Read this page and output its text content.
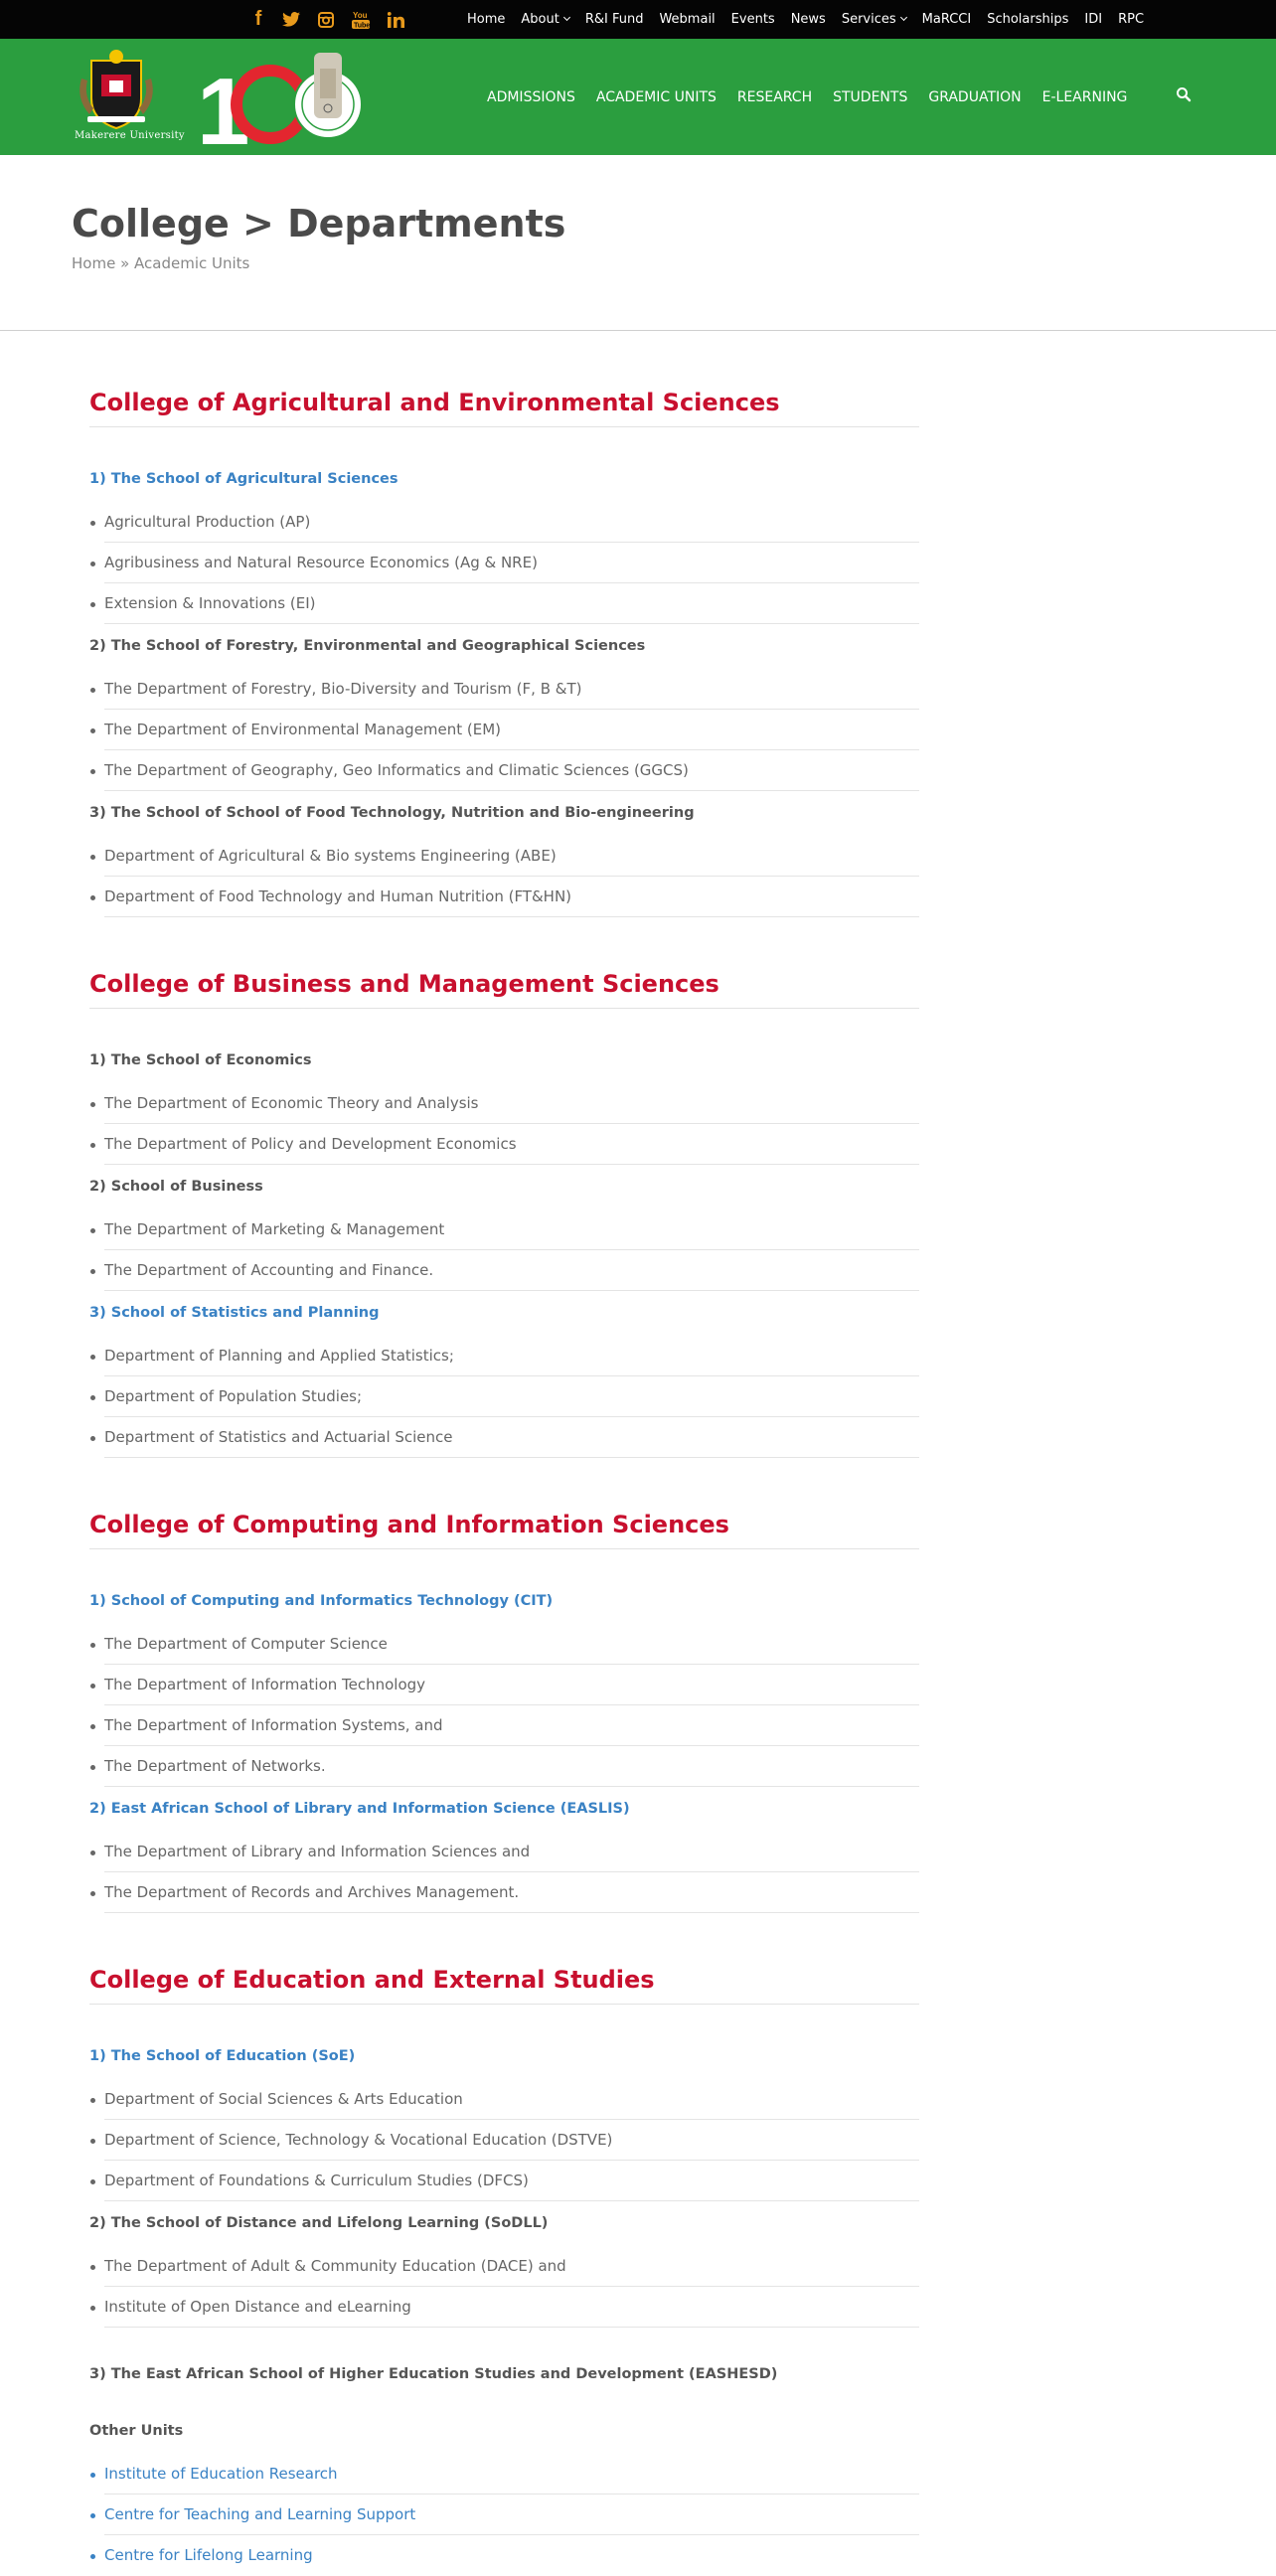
f	You
Tube	Home About	R&I Fund Webmail Events News Services	MaRCCI Scholarships IDI RPC
1
Makerere University
ADMISSIONS ACADEMIC UNITS RESEARCH STUDENTS GRADUATION E-LEARNING
College > Departments
Home » Academic Units
College of Agricultural and Environmental Sciences
1) The School of Agricultural Sciences
Agricultural Production (AP)
Agribusiness and Natural Resource Economics (Ag & NRE)
Extension & Innovations (EI)
2) The School of Forestry, Environmental and Geographical Sciences
The Department of Forestry, Bio-Diversity and Tourism (F, B &T)
The Department of Environmental Management (EM)
The Department of Geography, Geo Informatics and Climatic Sciences (GGCS)
3) The School of School of Food Technology, Nutrition and Bio-engineering
Department of Agricultural & Bio systems Engineering (ABE)
Department of Food Technology and Human Nutrition (FT&HN)
College of Business and Management Sciences
1) The School of Economics
The Department of Economic Theory and Analysis
The Department of Policy and Development Economics
2) School of Business
The Department of Marketing & Management
The Department of Accounting and Finance.
3) School of Statistics and Planning
Department of Planning and Applied Statistics;
Department of Population Studies;
Department of Statistics and Actuarial Science
College of Computing and Information Sciences
1) School of Computing and Informatics Technology (CIT)
The Department of Computer Science
The Department of Information Technology
The Department of Information Systems, and
The Department of Networks.
2) East African School of Library and Information Science (EASLIS)
The Department of Library and Information Sciences and
The Department of Records and Archives Management.
College of Education and External Studies
1) The School of Education (SoE)
Department of Social Sciences & Arts Education
Department of Science, Technology & Vocational Education (DSTVE)
Department of Foundations & Curriculum Studies (DFCS)
2) The School of Distance and Lifelong Learning (SoDLL)
The Department of Adult & Community Education (DACE) and
Institute of Open Distance and eLearning
3) The East African School of Higher Education Studies and Development (EASHESD)
Other Units
Institute of Education Research
Centre for Teaching and Learning Support
Centre for Lifelong Learning
